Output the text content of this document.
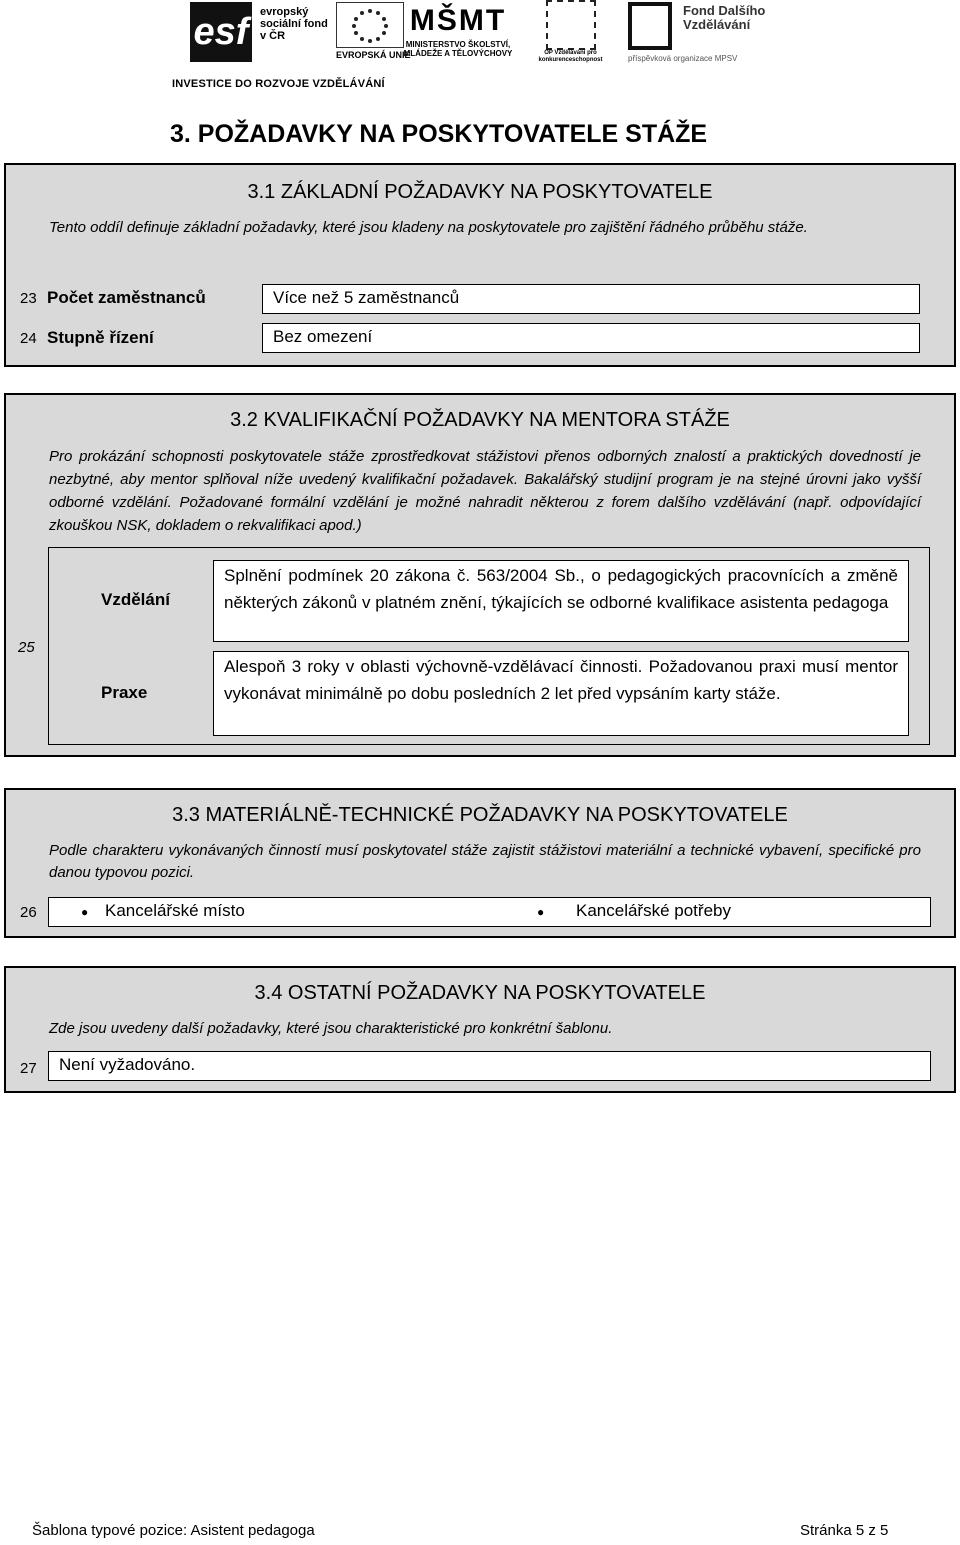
esf	evropský sociální fond v ČR
EVROPSKÁ UNIE
MŠMT
MINISTERSTVO ŠKOLSTVÍ, MLÁDEŽE A TĚLOVÝCHOVY	OP Vzdělávání pro konkurenceschopnost
Fond Dalšího Vzdělávání
příspěvková organizace MPSV
INVESTICE DO ROZVOJE VZDĚLÁVÁNÍ
3. POŽADAVKY NA POSKYTOVATELE STÁŽE
3.1 ZÁKLADNÍ POŽADAVKY NA POSKYTOVATELE
Tento oddíl definuje základní požadavky, které jsou kladeny na poskytovatele pro zajištění řádného průběhu stáže.
23 Počet zaměstnanců	Více než 5 zaměstnanců
24 Stupně řízení	Bez omezení
3.2 KVALIFIKAČNÍ POŽADAVKY NA MENTORA STÁŽE
Pro prokázání schopnosti poskytovatele stáže zprostředkovat stážistovi přenos odborných znalostí a praktických dovedností je nezbytné, aby mentor splňoval níže uvedený kvalifikační požadavek. Bakalářský studijní program je na stejné úrovni jako vyšší odborné vzdělání. Požadované formální vzdělání je možné nahradit některou z forem dalšího vzdělávání (např. odpovídající zkouškou NSK, dokladem o rekvalifikaci apod.)
25
Vzdělání
Splnění podmínek 20 zákona č. 563/2004 Sb., o pedagogických pracovnících a změně některých zákonů v platném znění, týkajících se odborné kvalifikace asistenta pedagoga
Praxe
Alespoň 3 roky v oblasti výchovně-vzdělávací činnosti. Požadovanou praxi musí mentor vykonávat minimálně po dobu posledních 2 let před vypsáním karty stáže.
3.3 MATERIÁLNĚ-TECHNICKÉ POŽADAVKY NA POSKYTOVATELE
Podle charakteru vykonávaných činností musí poskytovatel stáže zajistit stážistovi materiální a technické vybavení, specifické pro danou typovou pozici.
26	● Kancelářské místo	● Kancelářské potřeby
3.4 OSTATNÍ POŽADAVKY NA POSKYTOVATELE
Zde jsou uvedeny další požadavky, které jsou charakteristické pro konkrétní šablonu.
27	Není vyžadováno.
Šablona typové pozice: Asistent pedagoga	Stránka 5 z 5
